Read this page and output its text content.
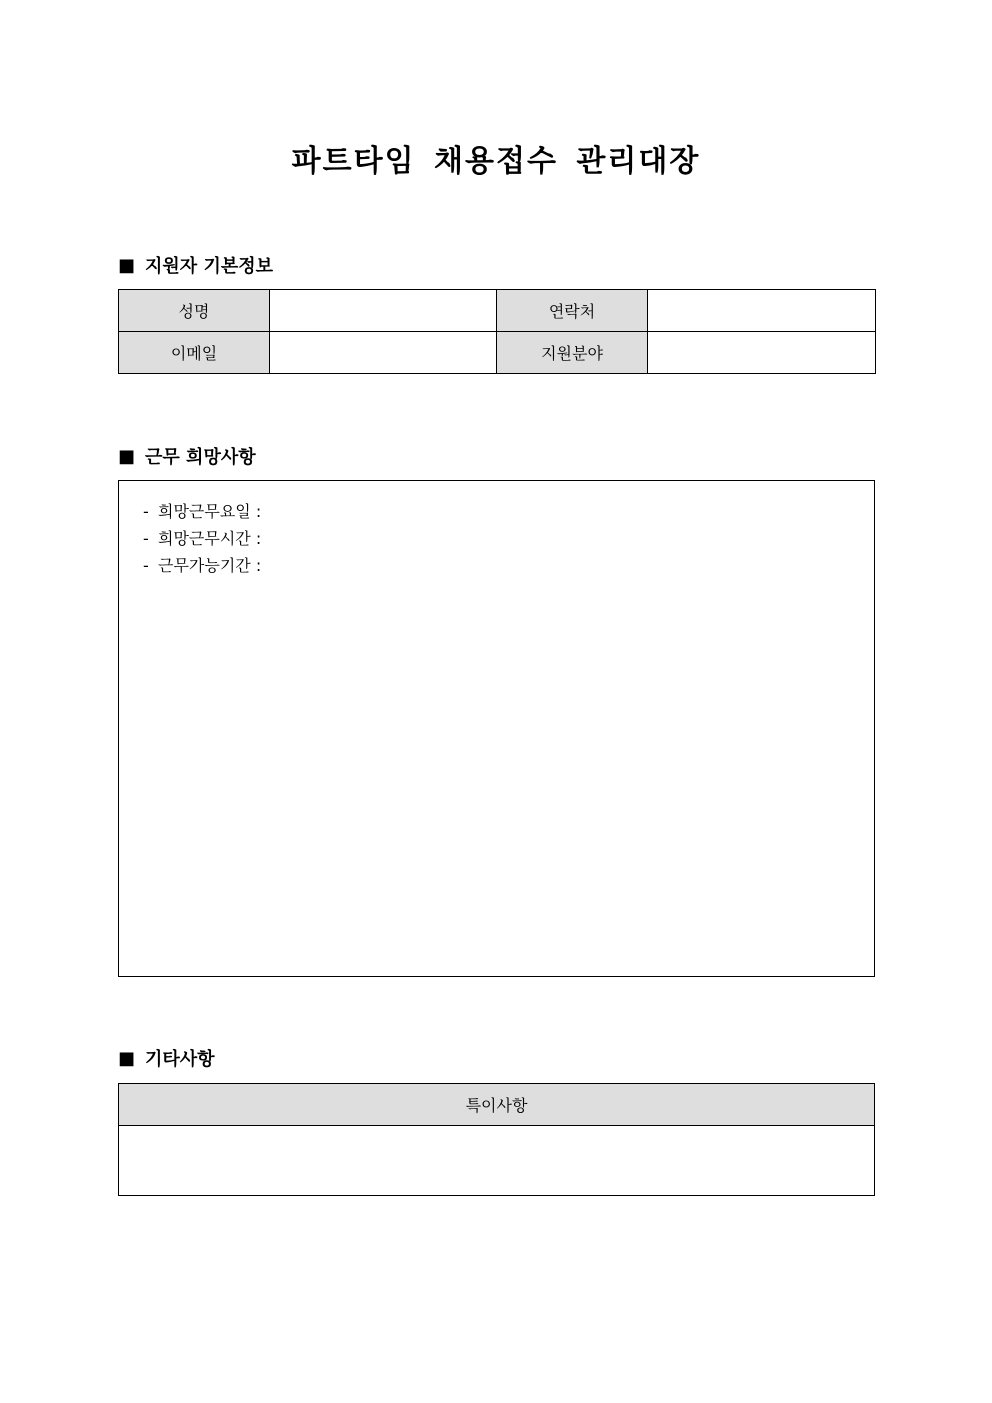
파트타임 채용접수 관리대장
■ 지원자 기본정보
성명		연락처	
이메일		지원분야	
■ 근무 희망사항
- 희망근무요일 :
- 희망근무시간 :
- 근무가능기간 :
■ 기타사항
특이사항
